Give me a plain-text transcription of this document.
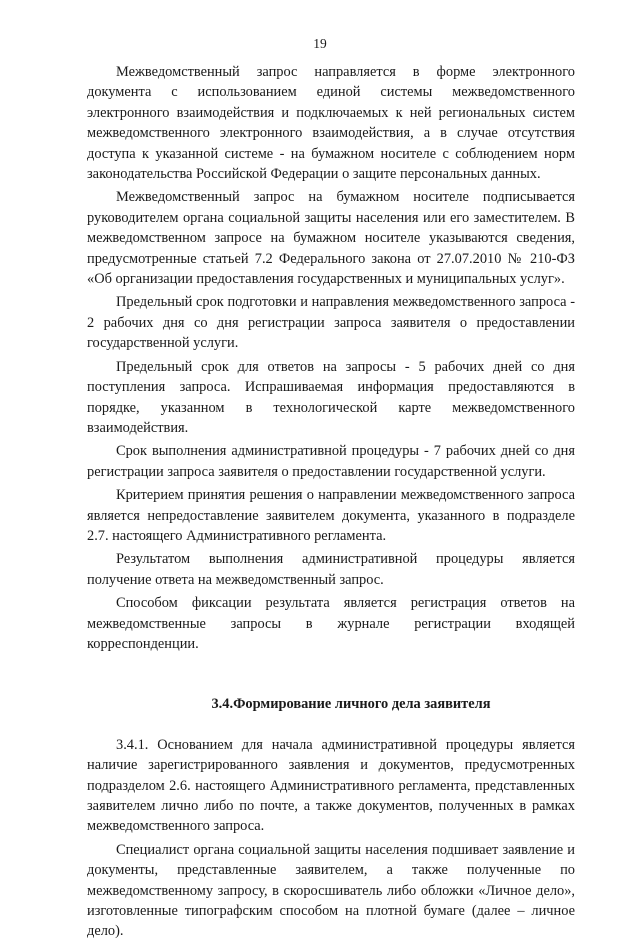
19

Межведомственный запрос направляется в форме электронного документа с использованием единой системы межведомственного электронного взаимодействия и подключаемых к ней региональных систем межведомственного электронного взаимодействия, а в случае отсутствия доступа к указанной системе - на бумажном носителе с соблюдением норм законодательства Российской Федерации о защите персональных данных.

Межведомственный запрос на бумажном носителе подписывается руководителем органа социальной защиты населения или его заместителем. В межведомственном запросе на бумажном носителе указываются сведения, предусмотренные статьей 7.2 Федерального закона от 27.07.2010 № 210-ФЗ «Об организации предоставления государственных и муниципальных услуг».

Предельный срок подготовки и направления межведомственного запроса - 2 рабочих дня со дня регистрации запроса заявителя о предоставлении государственной услуги.

Предельный срок для ответов на запросы - 5 рабочих дней со дня поступления запроса. Испрашиваемая информация предоставляются в порядке, указанном в технологической карте межведомственного взаимодействия.

Срок выполнения административной процедуры - 7 рабочих дней со дня регистрации запроса заявителя о предоставлении государственной услуги.

Критерием принятия решения о направлении межведомственного запроса является непредоставление заявителем документа, указанного в подразделе 2.7. настоящего Административного регламента.

Результатом выполнения административной процедуры является получение ответа на межведомственный запрос.

Способом фиксации результата является регистрация ответов на межведомственные запросы в журнале регистрации входящей корреспонденции.

3.4.Формирование личного дела заявителя

3.4.1. Основанием для начала административной процедуры является наличие зарегистрированного заявления и документов, предусмотренных подразделом 2.6. настоящего Административного регламента, представленных заявителем лично либо по почте, а также документов, полученных в рамках межведомственного запроса.

Специалист органа социальной защиты населения подшивает заявление и документы, представленные заявителем, а также полученные по межведомственному запросу, в скоросшиватель либо обложки «Личное дело», изготовленные типографским способом на плотной бумаге (далее – личное дело).
